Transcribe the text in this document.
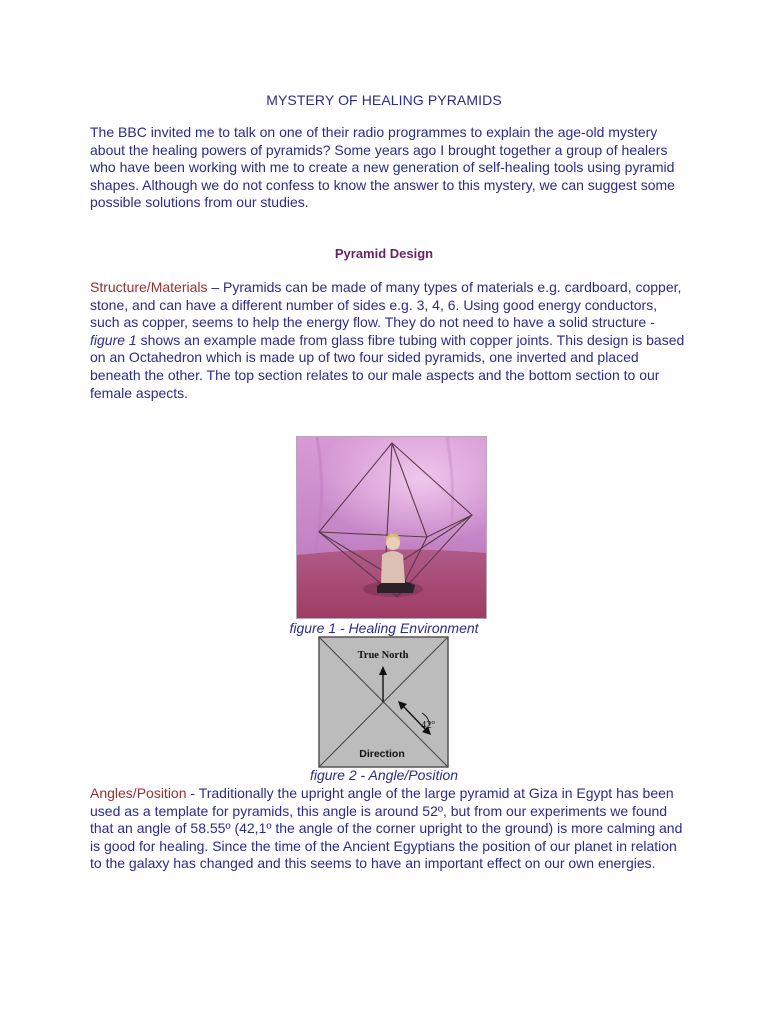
MYSTERY OF HEALING PYRAMIDS
The BBC invited me to talk on one of their radio programmes to explain the age-old mystery about the healing powers of pyramids? Some years ago I brought together a group of healers who have been working with me to create a new generation of self-healing tools using pyramid shapes. Although we do not confess to know the answer to this mystery, we can suggest some possible solutions from our studies.
Pyramid Design
Structure/Materials – Pyramids can be made of many types of materials e.g. cardboard, copper, stone, and can have a different number of sides e.g. 3, 4, 6. Using good energy conductors, such as copper, seems to help the energy flow. They do not need to have a solid structure - figure 1 shows an example made from glass fibre tubing with copper joints. This design is based on an Octahedron which is made up of two four sided pyramids, one inverted and placed beneath the other. The top section relates to our male aspects and the bottom section to our female aspects.
figure 1 - Healing Environment
True North
42º
Direction
figure 2 - Angle/Position
Angles/Position - Traditionally the upright angle of the large pyramid at Giza in Egypt has been used as a template for pyramids, this angle is around 52º, but from our experiments we found that an angle of 58.55º (42,1º the angle of the corner upright to the ground) is more calming and is good for healing. Since the time of the Ancient Egyptians the position of our planet in relation to the galaxy has changed and this seems to have an important effect on our own energies.
